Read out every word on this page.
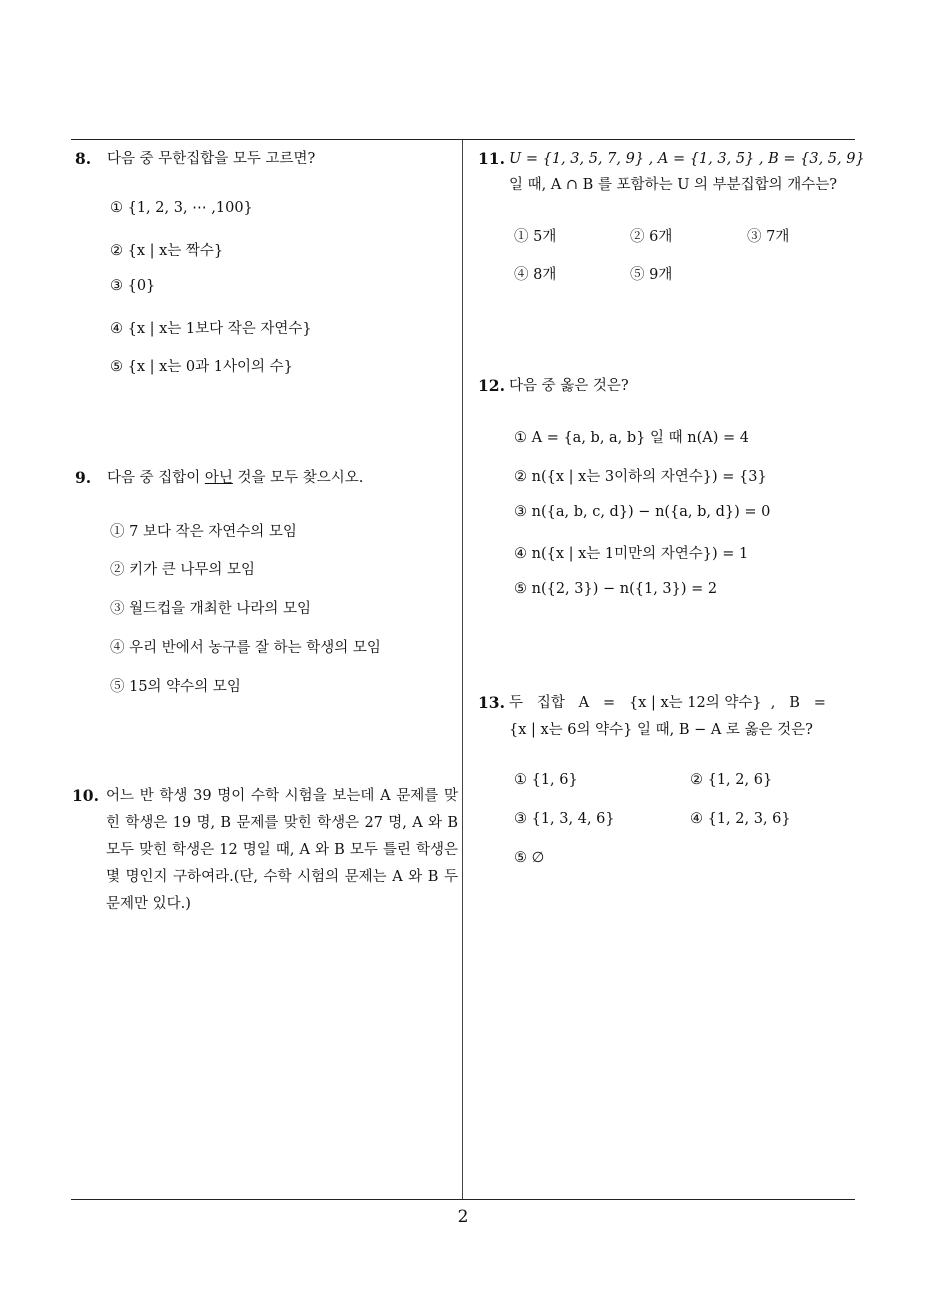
8. 다음 중 무한집합을 모두 고르면?
① {1, 2, 3, ⋯ ,100}
② {x | x는 짝수}
③ {0}
④ {x | x는 1보다 작은 자연수}
⑤ {x | x는 0과 1사이의 수}
9. 다음 중 집합이 아닌 것을 모두 찾으시오.
① 7 보다 작은 자연수의 모임
② 키가 큰 나무의 모임
③ 월드컵을 개최한 나라의 모임
④ 우리 반에서 농구를 잘 하는 학생의 모임
⑤ 15의 약수의 모임
10. 어느 반 학생 39 명이 수학 시험을 보는데 A 문제를 맞힌 학생은 19 명, B 문제를 맞힌 학생은 27 명, A 와 B 모두 맞힌 학생은 12 명일 때, A 와 B 모두 틀린 학생은 몇 명인지 구하여라.(단, 수학 시험의 문제는 A 와 B 두 문제만 있다.)
11. U = {1, 3, 5, 7, 9} , A = {1, 3, 5} , B = {3, 5, 9}
일 때, A ∩ B 를 포함하는 U 의 부분집합의 개수는?
① 5개	② 6개	③ 7개
④ 8개	⑤ 9개
12. 다음 중 옳은 것은?
① A = {a, b, a, b} 일 때 n(A) = 4
② n({x | x는 3이하의 자연수}) = {3}
③ n({a, b, c, d}) − n({a, b, d}) = 0
④ n({x | x는 1미만의 자연수}) = 1
⑤ n({2, 3}) − n({1, 3}) = 2
13. 두   집합   A   =   {x | x는 12의 약수}  ,   B   =
{x | x는 6의 약수} 일 때, B − A 로 옳은 것은?
① {1, 6}	② {1, 2, 6}
③ {1, 3, 4, 6}	④ {1, 2, 3, 6}
⑤ ∅
2
